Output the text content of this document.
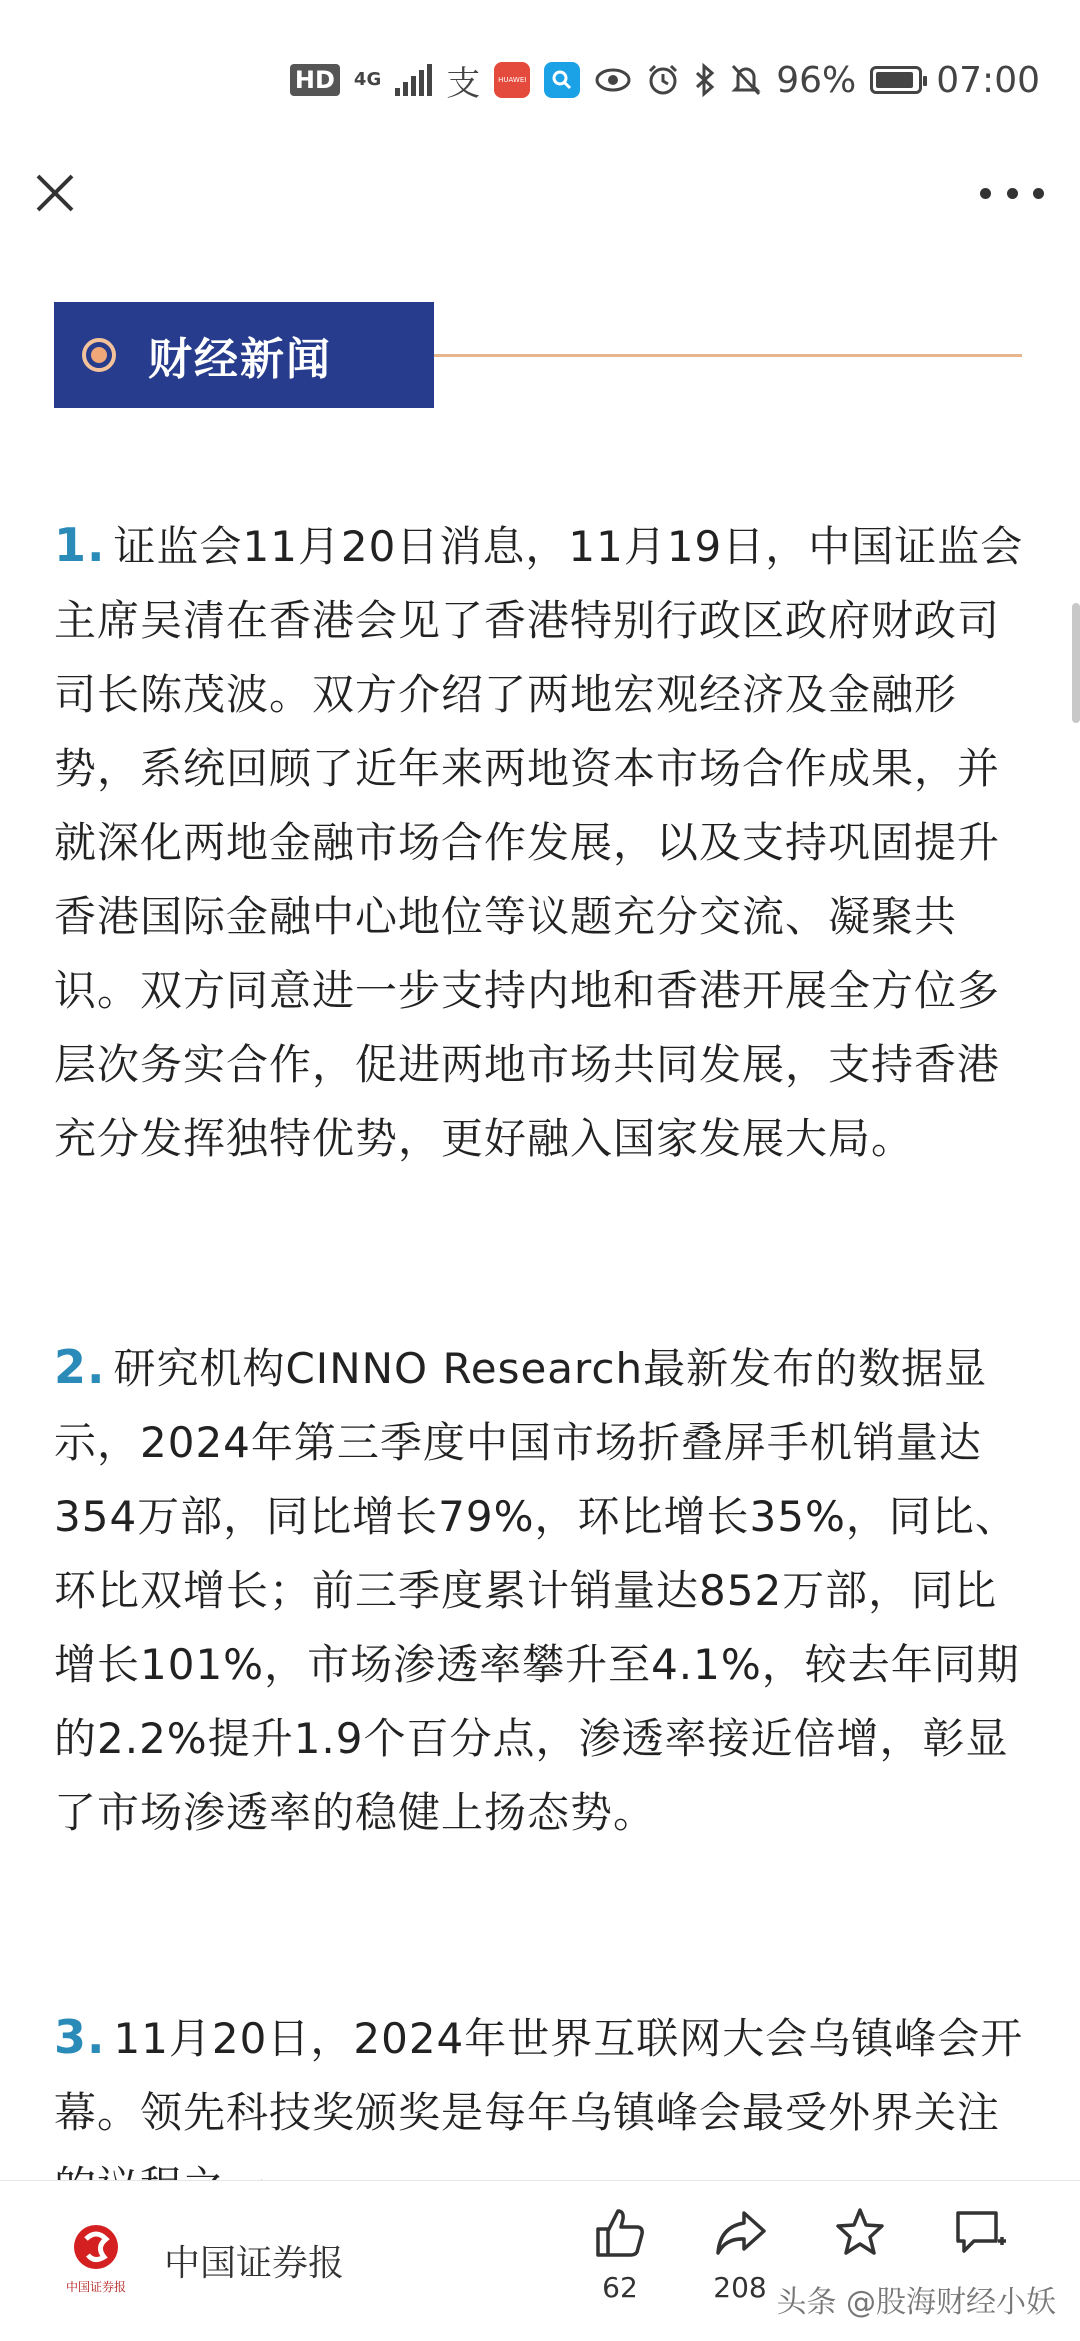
HD 4G 支	HUAWEI	96% 07:00
财经新闻
1. 证监会11月20日消息，11月19日，中国证监会主席吴清在香港会见了香港特别行政区政府财政司司长陈茂波。双方介绍了两地宏观经济及金融形势，系统回顾了近年来两地资本市场合作成果，并就深化两地金融市场合作发展，以及支持巩固提升香港国际金融中心地位等议题充分交流、凝聚共识。双方同意进一步支持内地和香港开展全方位多层次务实合作，促进两地市场共同发展，支持香港充分发挥独特优势，更好融入国家发展大局。
2. 研究机构CINNO Research最新发布的数据显示，2024年第三季度中国市场折叠屏手机销量达354万部，同比增长79%，环比增长35%，同比、环比双增长；前三季度累计销量达852万部，同比增长101%，市场渗透率攀升至4.1%，较去年同期的2.2%提升1.9个百分点，渗透率接近倍增，彰显了市场渗透率的稳健上扬态势。
3. 11月20日，2024年世界互联网大会乌镇峰会开幕。领先科技奖颁奖是每年乌镇峰会最受外界关注
中国证券报
中国证券报
62	208 头条 @股海财经小妖
